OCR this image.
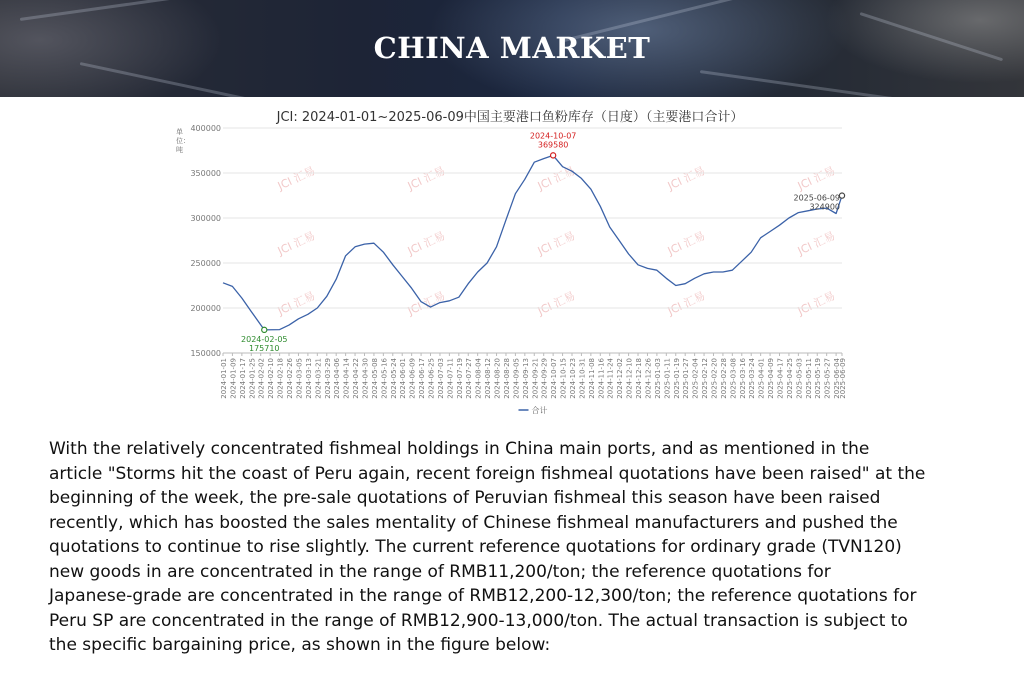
CHINA MARKET
JCI: 2024-01-01~2025-06-09中国主要港口鱼粉库存（日度）（主要港口合计）
单位：吨
JCI 汇易	JCI 汇易	JCI 汇易	JCI 汇易	JCI 汇易
JCI 汇易	JCI 汇易	JCI 汇易	JCI 汇易	JCI 汇易
JCI 汇易	JCI 汇易	JCI 汇易	JCI 汇易	JCI 汇易
150000
200000
250000
300000
350000
400000
2024-01-01 2024-01-09 2024-01-17 2024-01-25 2024-02-02 2024-02-10 2024-02-18 2024-02-26 2024-03-05 2024-03-13 2024-03-21 2024-03-29 2024-04-06 2024-04-14 2024-04-22 2024-04-30 2024-05-08 2024-05-16 2024-05-24 2024-06-01 2024-06-09 2024-06-17 2024-06-25 2024-07-03 2024-07-11 2024-07-19 2024-07-27 2024-08-04 2024-08-12 2024-08-20 2024-08-28 2024-09-05 2024-09-13 2024-09-21 2024-09-29 2024-10-07 2024-10-15 2024-10-23 2024-10-31 2024-11-08 2024-11-16 2024-11-24 2024-12-02 2024-12-10 2024-12-18 2024-12-26 2025-01-03 2025-01-11 2025-01-19 2025-01-27 2025-02-04 2025-02-12 2025-02-20 2025-02-28 2025-03-08 2025-03-16 2025-03-24 2025-04-01 2025-04-09 2025-04-17 2025-04-25 2025-05-03 2025-05-11 2025-05-19 2025-05-27 2025-06-04
2025-06-09
合计
2024-02-05
175710
2024-10-07
369580
2025-06-09
324900
With the relatively concentrated fishmeal holdings in China main ports, and as mentioned in the
article "Storms hit the coast of Peru again, recent foreign fishmeal quotations have been raised" at the
beginning of the week, the pre-sale quotations of Peruvian fishmeal this season have been raised
recently, which has boosted the sales mentality of Chinese fishmeal manufacturers and pushed the
quotations to continue to rise slightly. The current reference quotations for ordinary grade (TVN120)
new goods in are concentrated in the range of RMB11,200/ton; the reference quotations for
Japanese-grade are concentrated in the range of RMB12,200-12,300/ton; the reference quotations for
Peru SP are concentrated in the range of RMB12,900-13,000/ton. The actual transaction is subject to
the specific bargaining price, as shown in the figure below:
